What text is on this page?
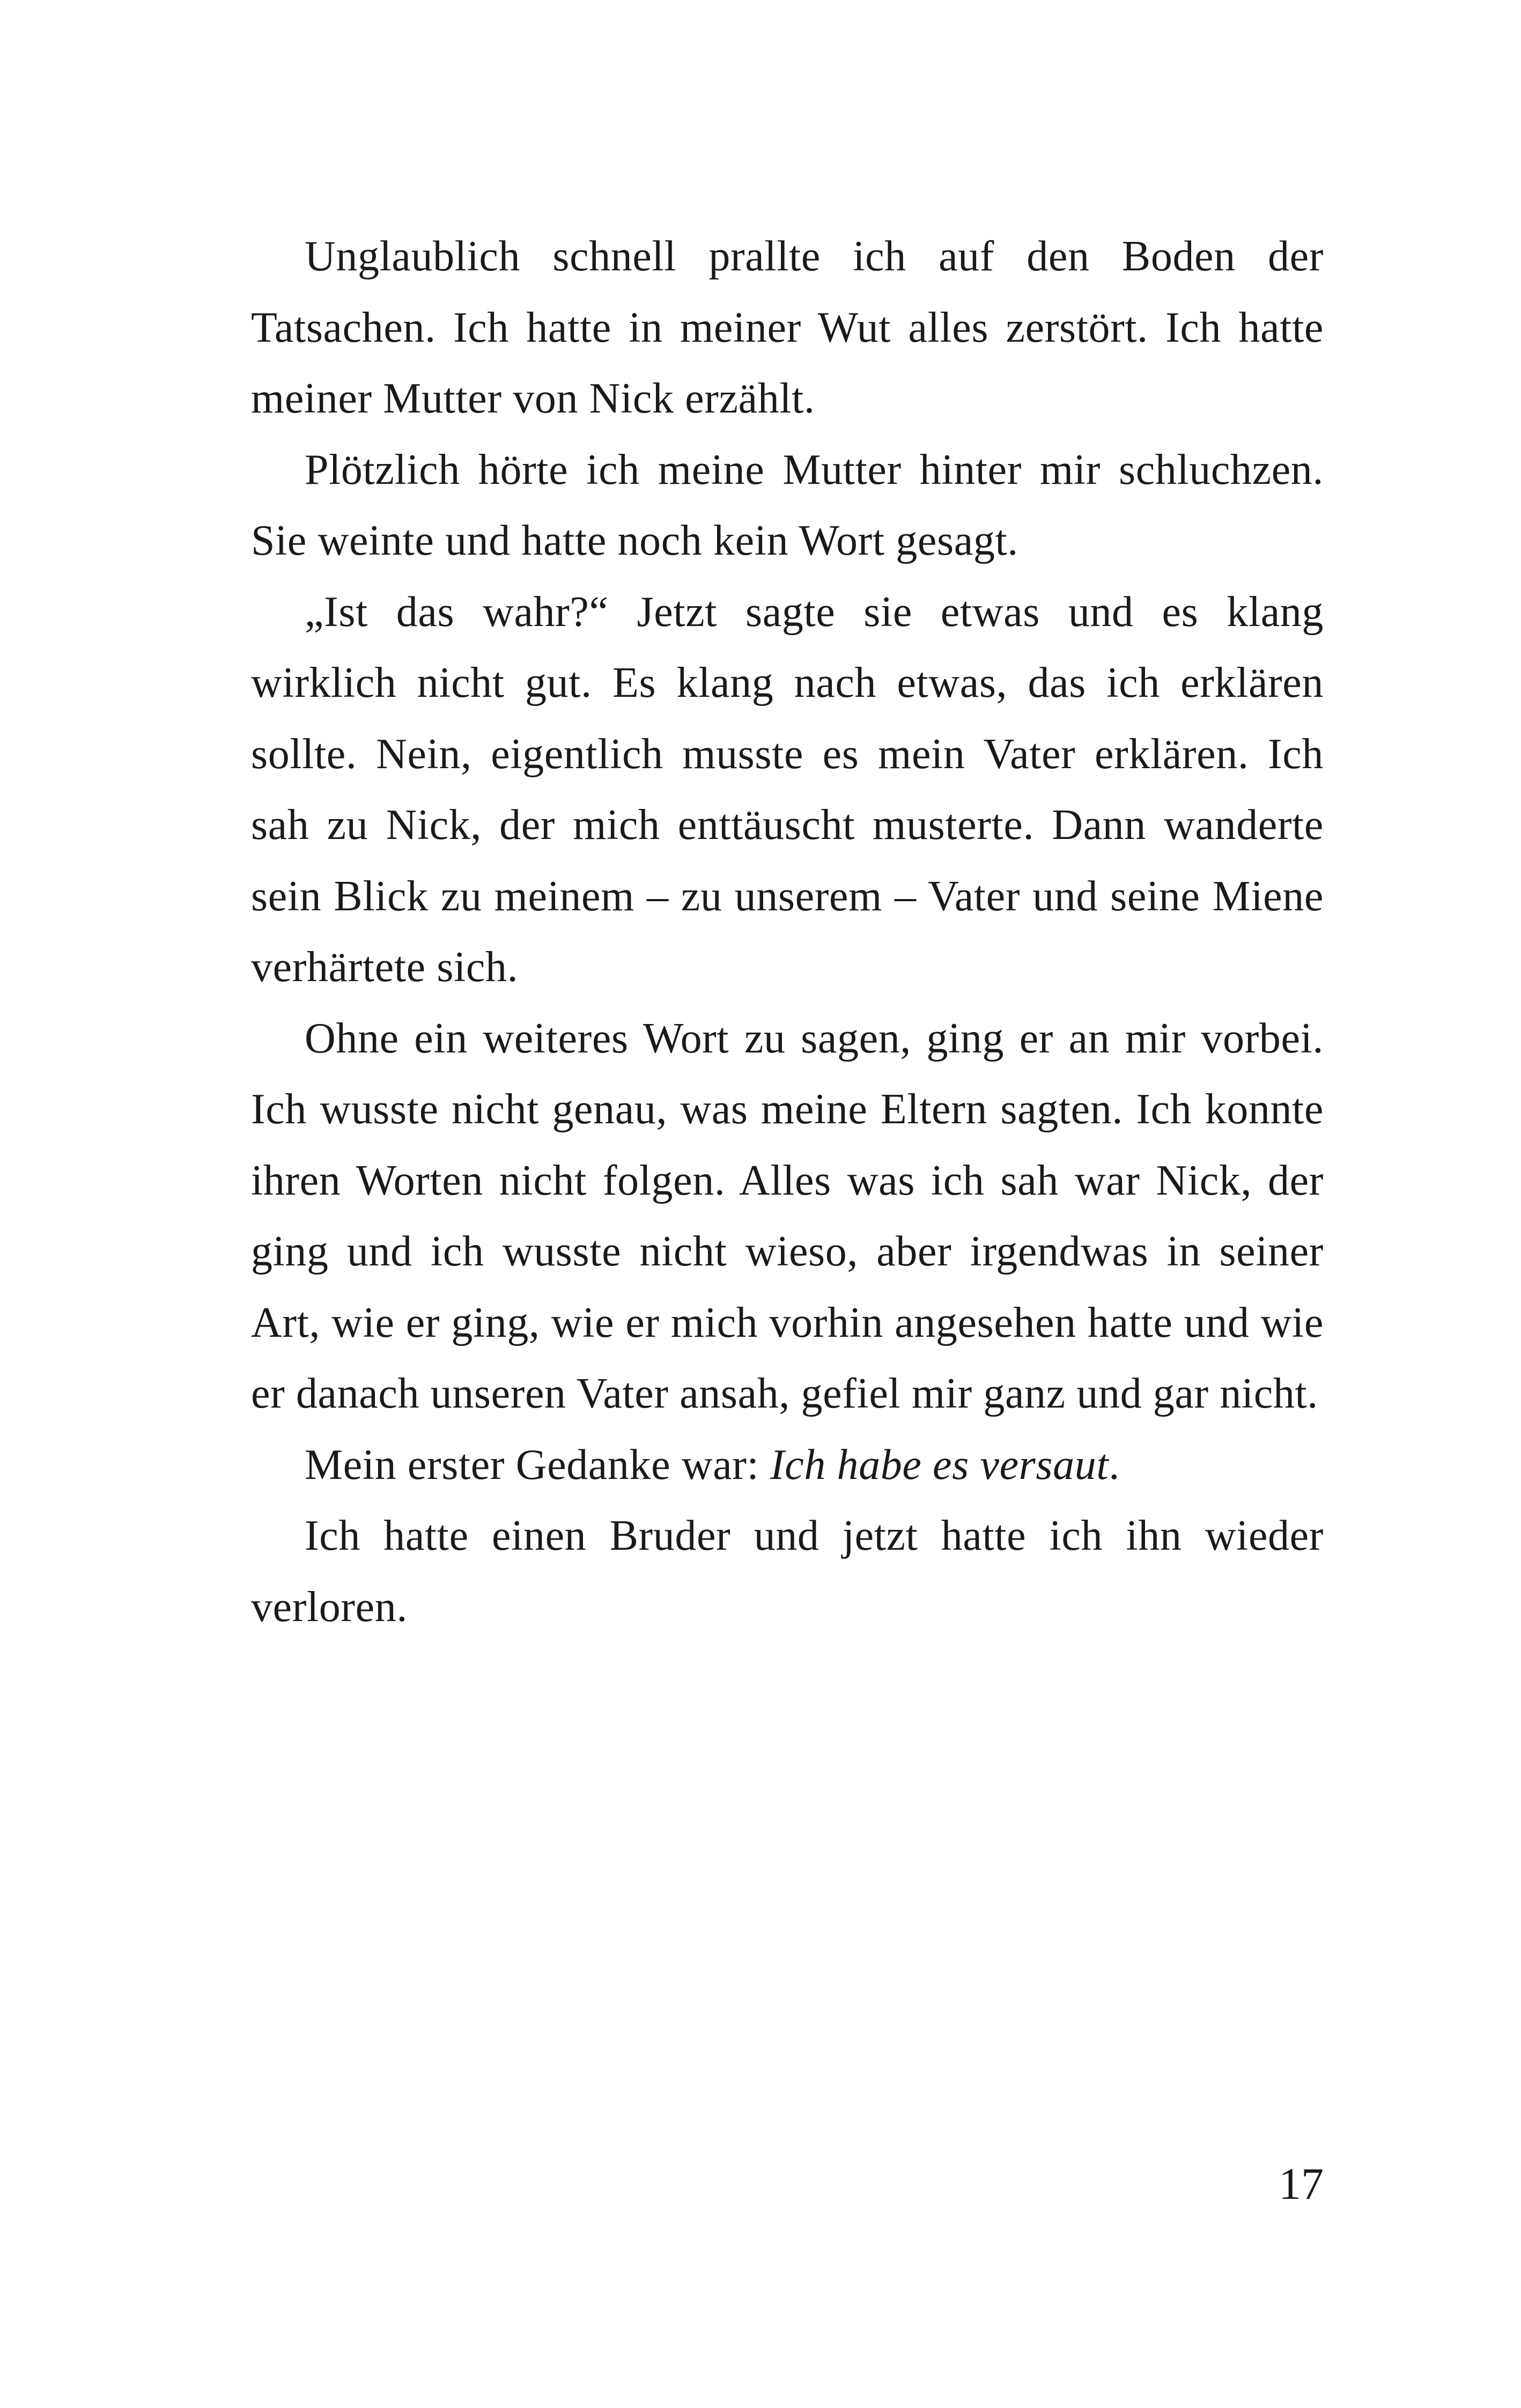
Unglaublich schnell prallte ich auf den Boden der Tatsachen. Ich hatte in meiner Wut alles zerstört. Ich hatte meiner Mutter von Nick erzählt.

Plötzlich hörte ich meine Mutter hinter mir schluchzen. Sie weinte und hatte noch kein Wort gesagt.

„Ist das wahr?“ Jetzt sagte sie etwas und es klang wirklich nicht gut. Es klang nach etwas, das ich erklären sollte. Nein, eigentlich musste es mein Vater erklären. Ich sah zu Nick, der mich enttäuscht musterte. Dann wanderte sein Blick zu meinem – zu unserem – Vater und seine Miene verhärtete sich.

Ohne ein weiteres Wort zu sagen, ging er an mir vorbei. Ich wusste nicht genau, was meine Eltern sagten. Ich konnte ihren Worten nicht folgen. Alles was ich sah war Nick, der ging und ich wusste nicht wieso, aber irgendwas in seiner Art, wie er ging, wie er mich vorhin angesehen hatte und wie er danach unseren Vater ansah, gefiel mir ganz und gar nicht.

Mein erster Gedanke war: Ich habe es versaut.

Ich hatte einen Bruder und jetzt hatte ich ihn wieder verloren.

17
